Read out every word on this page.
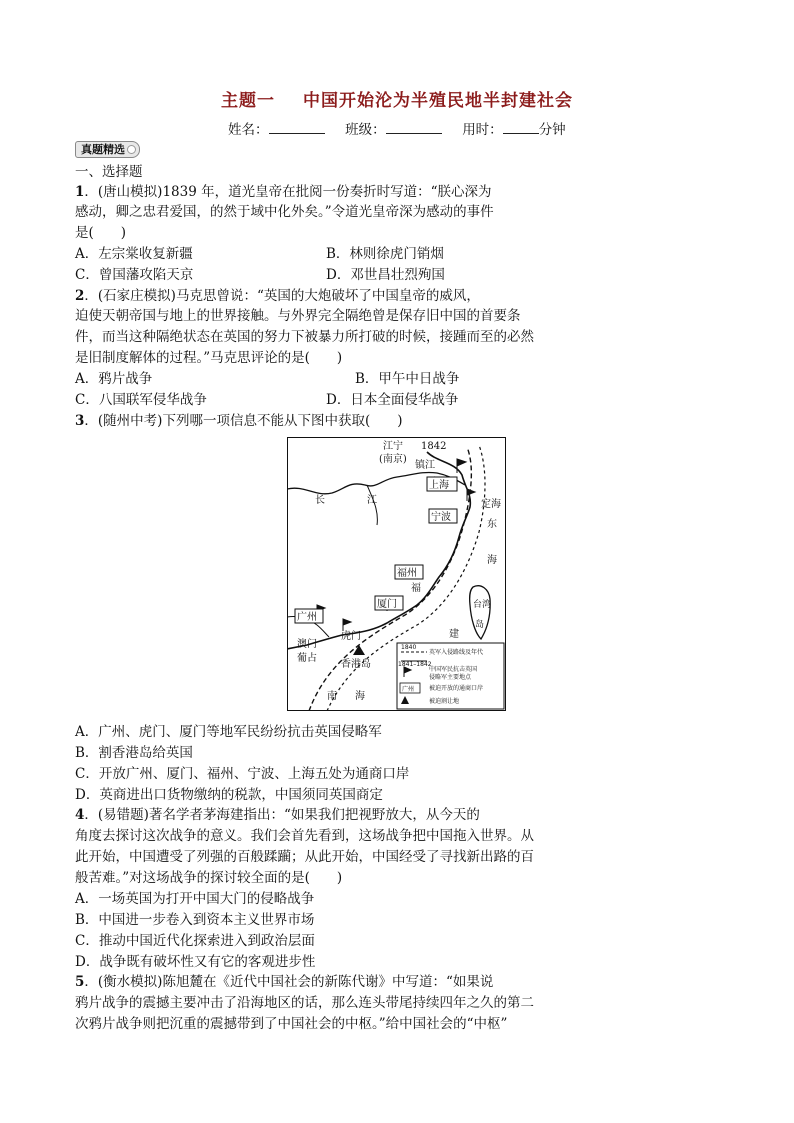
主题一 中国开始沦为半殖民地半封建社会
姓名：	班级：	用时：	分钟
真题精选
一、选择题
1．(唐山模拟)1839 年，道光皇帝在批阅一份奏折时写道：“朕心深为
感动，卿之忠君爱国，的然于域中化外矣。”令道光皇帝深为感动的事件
是(　　)
A．左宗棠收复新疆	B．林则徐虎门销烟
C．曾国藩攻陷天京	D．邓世昌壮烈殉国
2．(石家庄模拟)马克思曾说：“英国的大炮破坏了中国皇帝的威风，
迫使天朝帝国与地上的世界接触。与外界完全隔绝曾是保存旧中国的首要条
件，而当这种隔绝状态在英国的努力下被暴力所打破的时候，接踵而至的必然
是旧制度解体的过程。”马克思评论的是(　　)
A．鸦片战争	B．甲午中日战争
C．八国联军侵华战争	D．日本全面侵华战争
3．(随州中考)下列哪一项信息不能从下图中获取(　　)
江宁
(南京)
1842
镇江
长	江
上海
定海
东
宁波
海
福州
福
厦门	台湾
岛
建
广州
虎门
澳门
葡占
香港岛
南 海
1840
1841–1842
英军入侵路线及年代
中国军民抗击英国
侵略军主要地点
被迫开放的通商口岸
被迫割让地
广州
A．广州、虎门、厦门等地军民纷纷抗击英国侵略军
B．割香港岛给英国
C．开放广州、厦门、福州、宁波、上海五处为通商口岸
D．英商进出口货物缴纳的税款，中国须同英国商定
4．(易错题)著名学者茅海建指出：“如果我们把视野放大，从今天的
角度去探讨这次战争的意义。我们会首先看到，这场战争把中国拖入世界。从
此开始，中国遭受了列强的百般蹂躏；从此开始，中国经受了寻找新出路的百
般苦难。”对这场战争的探讨较全面的是(　　)
A．一场英国为打开中国大门的侵略战争
B．中国进一步卷入到资本主义世界市场
C．推动中国近代化探索进入到政治层面
D．战争既有破坏性又有它的客观进步性
5．(衡水模拟)陈旭麓在《近代中国社会的新陈代谢》中写道：“如果说
鸦片战争的震撼主要冲击了沿海地区的话，那么连头带尾持续四年之久的第二
次鸦片战争则把沉重的震撼带到了中国社会的中枢。”给中国社会的“中枢”
